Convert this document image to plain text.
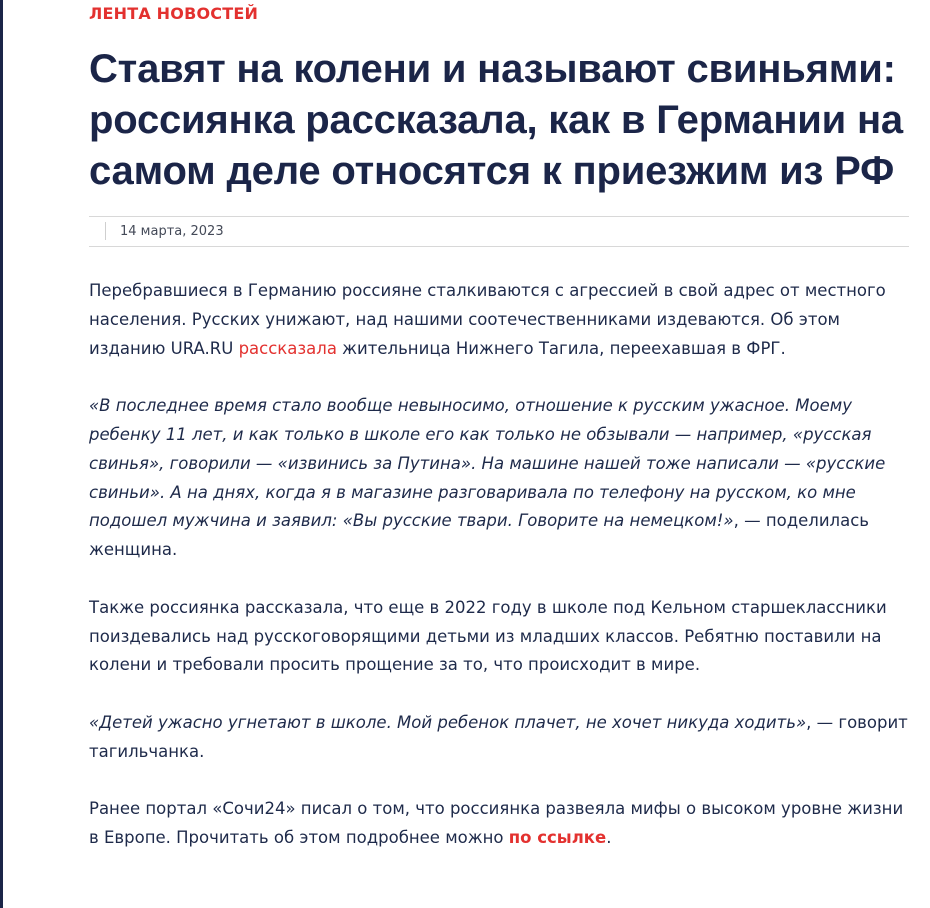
ЛЕНТА НОВОСТЕЙ
Ставят на колени и называют свиньями: россиянка рассказала, как в Германии на самом деле относятся к приезжим из РФ
14 марта, 2023

Перебравшиеся в Германию россияне сталкиваются с агрессией в свой адрес от местного населения. Русских унижают, над нашими соотечественниками издеваются. Об этом изданию URA.RU рассказала жительница Нижнего Тагила, переехавшая в ФРГ.

«В последнее время стало вообще невыносимо, отношение к русским ужасное. Моему ребенку 11 лет, и как только в школе его как только не обзывали — например, «русская свинья», говорили — «извинись за Путина». На машине нашей тоже написали — «русские свиньи». А на днях, когда я в магазине разговаривала по телефону на русском, ко мне подошел мужчина и заявил: «Вы русские твари. Говорите на немецком!», — поделилась женщина.

Также россиянка рассказала, что еще в 2022 году в школе под Кельном старшеклассники поиздевались над русскоговорящими детьми из младших классов. Ребятню поставили на колени и требовали просить прощение за то, что происходит в мире.

«Детей ужасно угнетают в школе. Мой ребенок плачет, не хочет никуда ходить», — говорит тагильчанка.

Ранее портал «Сочи24» писал о том, что россиянка развеяла мифы о высоком уровне жизни в Европе. Прочитать об этом подробнее можно по ссылке.
